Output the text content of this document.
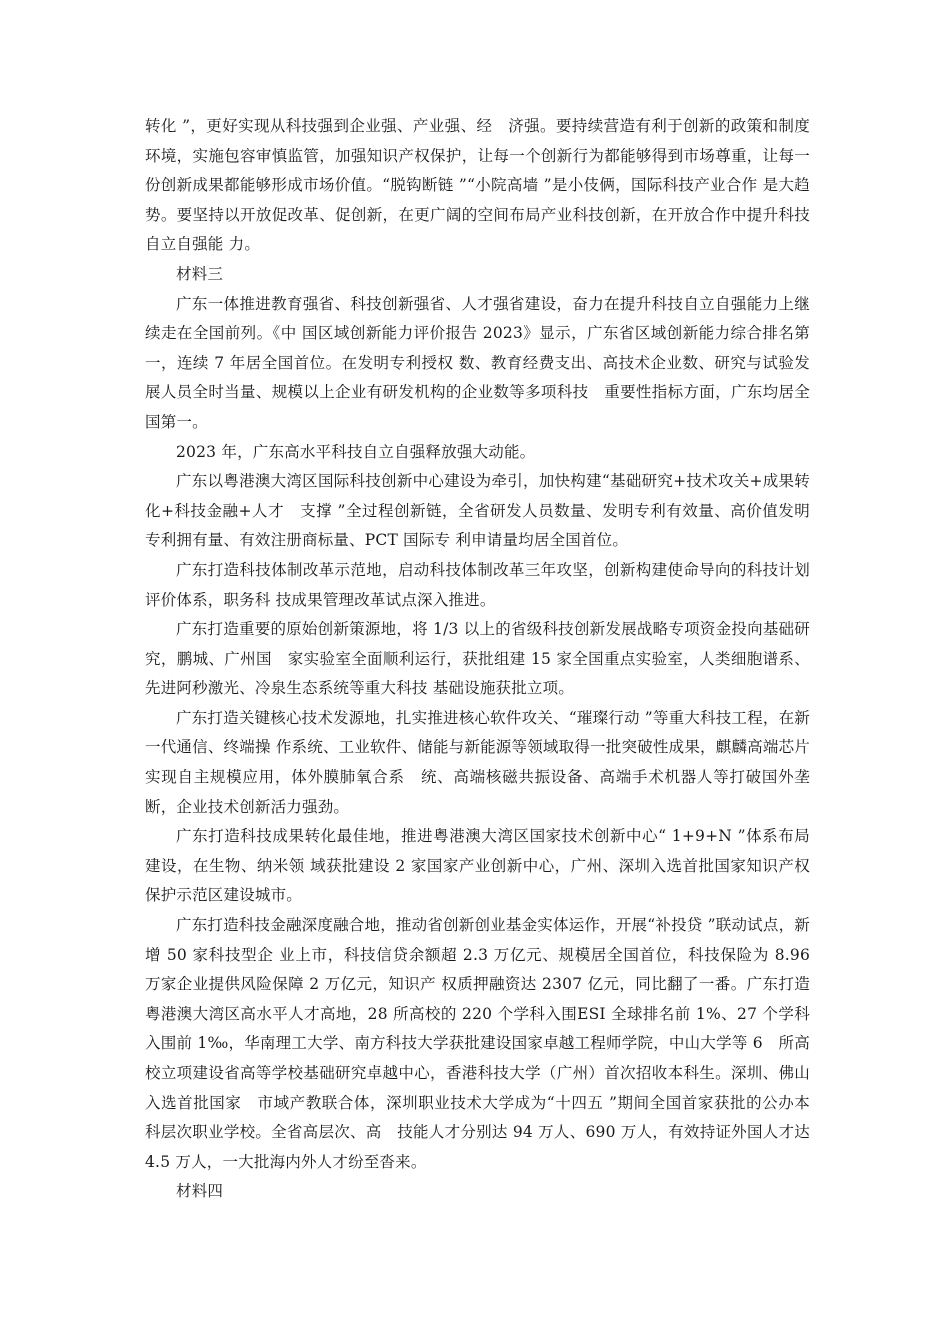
转化 ”，更好实现从科技强到企业强、产业强、经　济强。要持续营造有利于创新的政策和制度环境，实施包容审慎监管，加强知识产权保护，让每一个创新行为都能够得到市场尊重，让每一份创新成果都能够形成市场价值。“脱钩断链 ”“小院高墙 ”是小伎俩，国际科技产业合作 是大趋势。要坚持以开放促改革、促创新，在更广阔的空间布局产业科技创新，在开放合作中提升科技自立自强能 力。

材料三

广东一体推进教育强省、科技创新强省、人才强省建设，奋力在提升科技自立自强能力上继续走在全国前列。《中 国区域创新能力评价报告 2023》显示，广东省区域创新能力综合排名第一，连续 7 年居全国首位。在发明专利授权 数、教育经费支出、高技术企业数、研究与试验发展人员全时当量、规模以上企业有研发机构的企业数等多项科技　重要性指标方面，广东均居全国第一。

2023 年，广东高水平科技自立自强释放强大动能。

广东以粤港澳大湾区国际科技创新中心建设为牵引，加快构建“基础研究+技术攻关+成果转化+科技金融+人才　支撑 ”全过程创新链，全省研发人员数量、发明专利有效量、高价值发明专利拥有量、有效注册商标量、PCT 国际专 利申请量均居全国首位。

广东打造科技体制改革示范地，启动科技体制改革三年攻坚，创新构建使命导向的科技计划评价体系，职务科 技成果管理改革试点深入推进。

广东打造重要的原始创新策源地，将 1/3 以上的省级科技创新发展战略专项资金投向基础研究，鹏城、广州国　家实验室全面顺利运行，获批组建 15 家全国重点实验室，人类细胞谱系、先进阿秒激光、冷泉生态系统等重大科技 基础设施获批立项。

广东打造关键核心技术发源地，扎实推进核心软件攻关、“璀璨行动 ”等重大科技工程，在新一代通信、终端操 作系统、工业软件、储能与新能源等领域取得一批突破性成果，麒麟高端芯片实现自主规模应用，体外膜肺氧合系　统、高端核磁共振设备、高端手术机器人等打破国外垄断，企业技术创新活力强劲。

广东打造科技成果转化最佳地，推进粤港澳大湾区国家技术创新中心“ 1+9+N ”体系布局建设，在生物、纳米领 域获批建设 2 家国家产业创新中心，广州、深圳入选首批国家知识产权保护示范区建设城市。

广东打造科技金融深度融合地，推动省创新创业基金实体运作，开展“补投贷 ”联动试点，新增 50 家科技型企 业上市，科技信贷余额超 2.3 万亿元、规模居全国首位，科技保险为 8.96 万家企业提供风险保障 2 万亿元，知识产 权质押融资达 2307 亿元，同比翻了一番。广东打造粤港澳大湾区高水平人才高地，28 所高校的 220 个学科入围ESI 全球排名前 1%、27 个学科入围前 1‰，华南理工大学、南方科技大学获批建设国家卓越工程师学院，中山大学等 6　所高校立项建设省高等学校基础研究卓越中心，香港科技大学（广州）首次招收本科生。深圳、佛山入选首批国家　市域产教联合体，深圳职业技术大学成为“十四五 ”期间全国首家获批的公办本科层次职业学校。全省高层次、高　技能人才分别达 94 万人、690 万人，有效持证外国人才达 4.5 万人，一大批海内外人才纷至沓来。

材料四
